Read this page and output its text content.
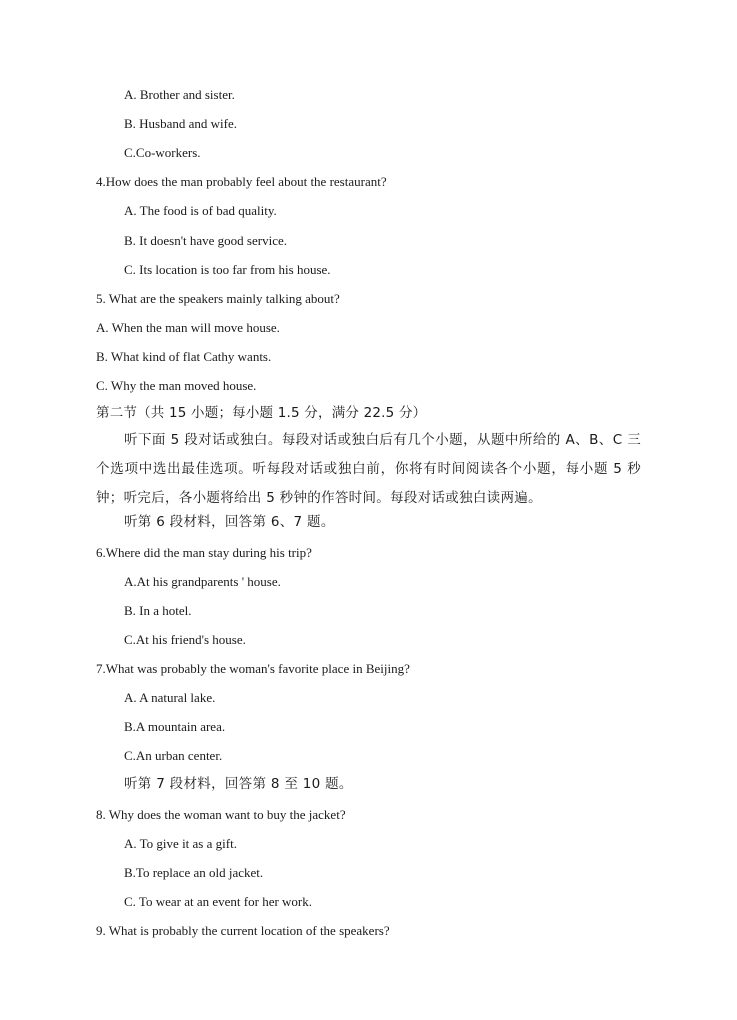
A. Brother and sister.
B. Husband and wife.
C.Co-workers.
4.How does the man probably feel about the restaurant?
A. The food is of bad quality.
B. It doesn't have good service.
C. Its location is too far from his house.
5. What are the speakers mainly talking about?
A. When the man will move house.
B. What kind of flat Cathy wants.
C. Why the man moved house.
第二节（共 15 小题；每小题 1.5 分，满分 22.5 分）
听下面 5 段对话或独白。每段对话或独白后有几个小题，从题中所给的 A、B、C 三个选项中选出最佳选项。听每段对话或独白前，你将有时间阅读各个小题，每小题 5 秒钟；听完后，各小题将给出 5 秒钟的作答时间。每段对话或独白读两遍。
听第 6 段材料，回答第 6、7 题。
6.Where did the man stay during his trip?
A.At his grandparents ' house.
B. In a hotel.
C.At his friend's house.
7.What was probably the woman's favorite place in Beijing?
A. A natural lake.
B.A mountain area.
C.An urban center.
听第 7 段材料，回答第 8 至 10 题。
8. Why does the woman want to buy the jacket?
A. To give it as a gift.
B.To replace an old jacket.
C. To wear at an event for her work.
9. What is probably the current location of the speakers?
